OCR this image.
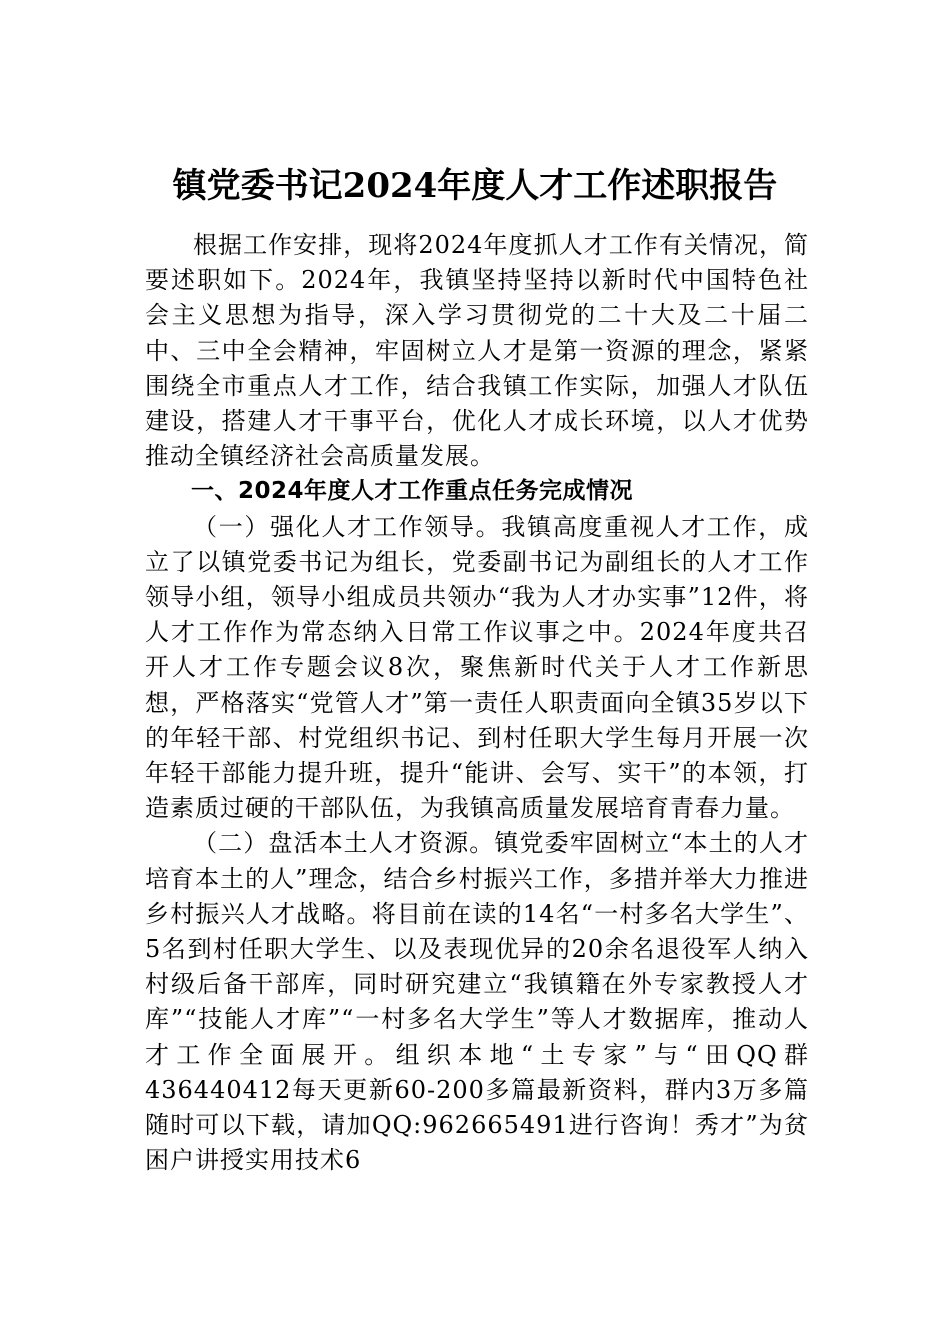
镇党委书记2024年度人才工作述职报告

根据工作安排，现将2024年度抓人才工作有关情况，简要述职如下。2024年，我镇坚持坚持以新时代中国特色社会主义思想为指导，深入学习贯彻党的二十大及二十届二中、三中全会精神，牢固树立人才是第一资源的理念，紧紧围绕全市重点人才工作，结合我镇工作实际，加强人才队伍建设，搭建人才干事平台，优化人才成长环境，以人才优势推动全镇经济社会高质量发展。

一、2024年度人才工作重点任务完成情况

（一）强化人才工作领导。我镇高度重视人才工作，成立了以镇党委书记为组长，党委副书记为副组长的人才工作领导小组，领导小组成员共领办“我为人才办实事”12件，将人才工作作为常态纳入日常工作议事之中。2024年度共召开人才工作专题会议8次，聚焦新时代关于人才工作新思想，严格落实“党管人才”第一责任人职责面向全镇35岁以下的年轻干部、村党组织书记、到村任职大学生每月开展一次年轻干部能力提升班，提升“能讲、会写、实干”的本领，打造素质过硬的干部队伍，为我镇高质量发展培育青春力量。

（二）盘活本土人才资源。镇党委牢固树立“本土的人才培育本土的人”理念，结合乡村振兴工作，多措并举大力推进乡村振兴人才战略。将目前在读的14名“一村多名大学生”、5名到村任职大学生、以及表现优异的20余名退役军人纳入村级后备干部库，同时研究建立“我镇籍在外专家教授人才库”“技能人才库”“一村多名大学生”等人才数据库，推动人才工作全面展开。组织本地“土专家”与“田QQ群436440412每天更新60-200多篇最新资料，群内3万多篇随时可以下载，请加QQ:962665491进行咨询！秀才”为贫困户讲授实用技术6
